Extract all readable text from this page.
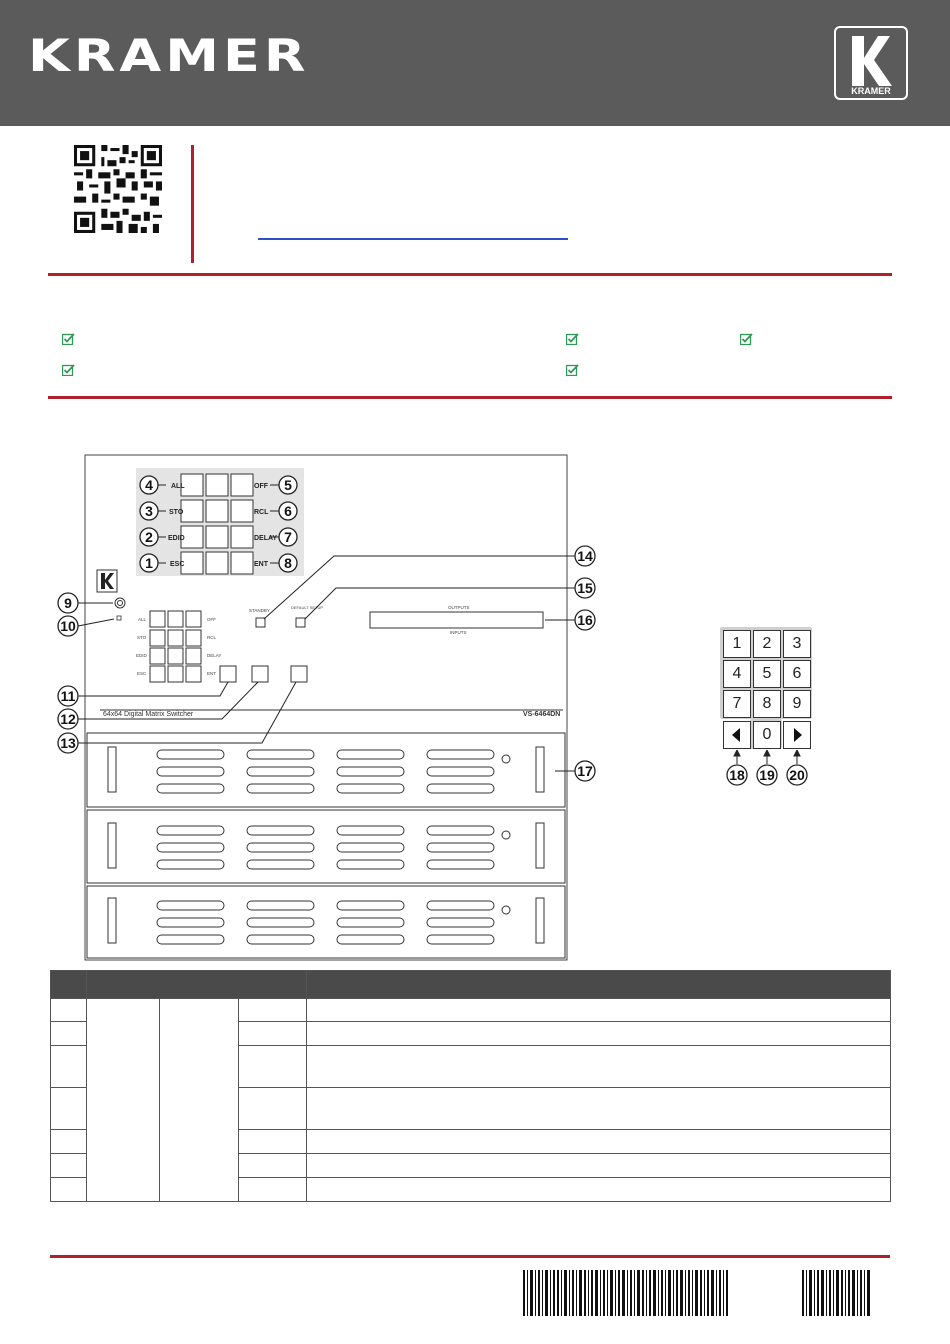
KRAMER
KRAMER
ALL
STO
EDID
ESC
OFF
RCL
DELAY
ENT
4
3
2
1
5
6
7
8
ALL
STO
EDID
ESC
OFF
RCL
DELAY
ENT
STANDBY
DEFAULT SETUP	OUTPUTS
INPUTS
64x64 Digital Matrix Switcher	VS-6464DN
9
10
11
12
13
14
15
16
17
1	2	3
4	5	6
7	8	9
0
18 19 20
